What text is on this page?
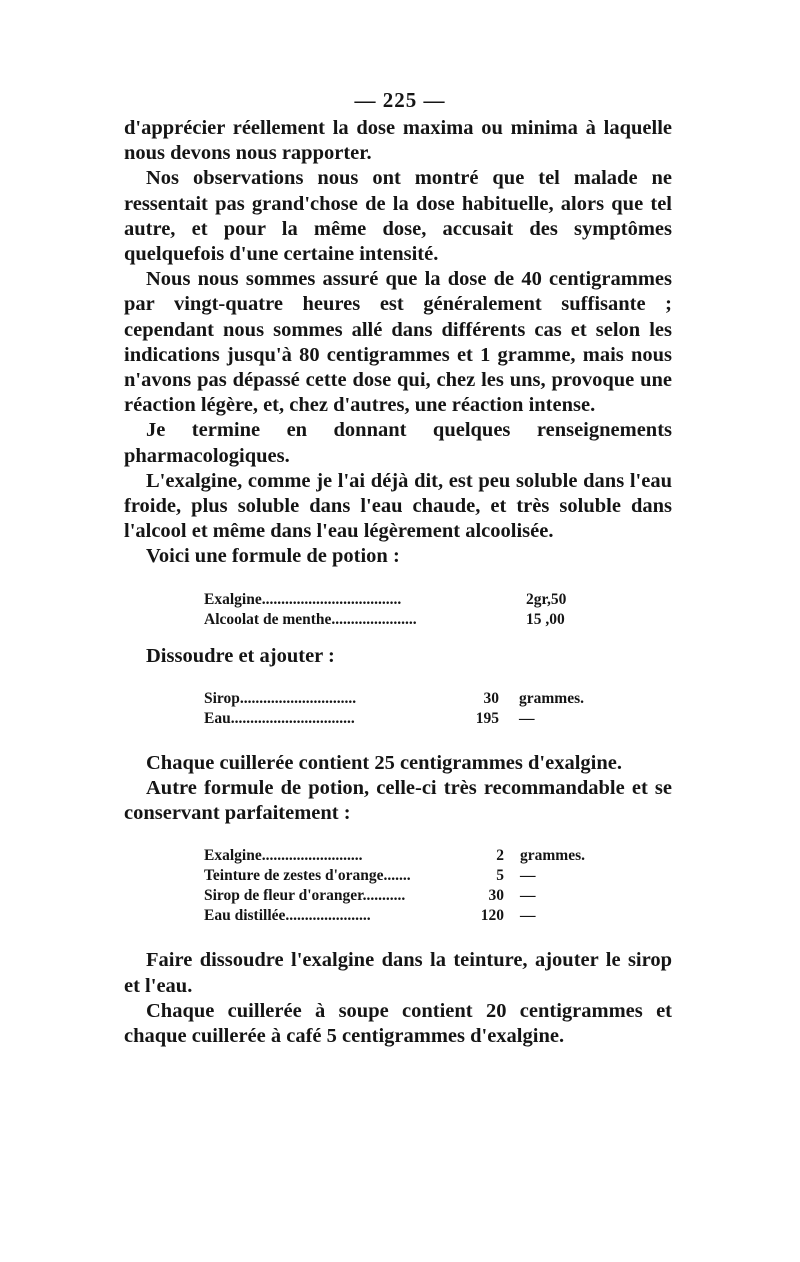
— 225 —

d'apprécier réellement la dose maxima ou minima à laquelle nous devons nous rapporter.

Nos observations nous ont montré que tel malade ne ressentait pas grand'chose de la dose habituelle, alors que tel autre, et pour la même dose, accusait des symptômes quelquefois d'une certaine intensité.

Nous nous sommes assuré que la dose de 40 centigrammes par vingt-quatre heures est généralement suffisante ; cependant nous sommes allé dans différents cas et selon les indications jusqu'à 80 centigrammes et 1 gramme, mais nous n'avons pas dépassé cette dose qui, chez les uns, provoque une réaction légère, et, chez d'autres, une réaction intense.

Je termine en donnant quelques renseignements pharmacologiques.

L'exalgine, comme je l'ai déjà dit, est peu soluble dans l'eau froide, plus soluble dans l'eau chaude, et très soluble dans l'alcool et même dans l'eau légèrement alcoolisée.

Voici une formule de potion :

Exalgine....................................	2gr,50
Alcoolat de menthe......................	15 ,00

Dissoudre et ajouter :

Sirop..............................	30	grammes.
Eau................................	195	—

Chaque cuillerée contient 25 centigrammes d'exalgine.

Autre formule de potion, celle-ci très recommandable et se conservant parfaitement :

Exalgine..........................	2	grammes.
Teinture de zestes d'orange.......	5	—
Sirop de fleur d'oranger...........	30	—
Eau distillée......................	120	—

Faire dissoudre l'exalgine dans la teinture, ajouter le sirop et l'eau.

Chaque cuillerée à soupe contient 20 centigrammes et chaque cuillerée à café 5 centigrammes d'exalgine.
